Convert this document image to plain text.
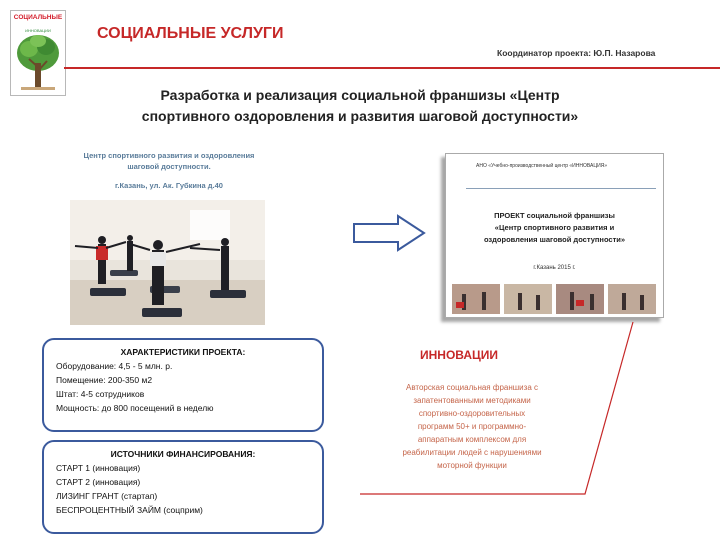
СОЦИАЛЬНЫЕ
ИННОВАЦИИ	СОЦИАЛЬНЫЕ УСЛУГИ
Координатор проекта: Ю.П. Назарова
Разработка и реализация социальной франшизы «Центр
спортивного оздоровления и развития шаговой доступности»
Центр спортивного развития и оздоровления
шаговой доступности.
г.Казань, ул. Ак. Губкина д.40
АНО «Учебно-производственный центр «ИННОВАЦИЯ»
ПРОЕКТ социальной франшизы
«Центр спортивного развития и
оздоровления шаговой доступности»
г.Казань 2015 г.
ХАРАКТЕРИСТИКИ ПРОЕКТА:
Оборудование: 4,5 - 5 млн. р.
Помещение: 200-350 м2
Штат: 4-5 сотрудников
Мощность: до 800 посещений в неделю
ИСТОЧНИКИ ФИНАНСИРОВАНИЯ:
СТАРТ 1 (инновация)
СТАРТ 2 (инновация)
ЛИЗИНГ ГРАНТ (стартап)
БЕСПРОЦЕНТНЫЙ ЗАЙМ (соцприм)
ИННОВАЦИИ
Авторская социальная франшиза с
запатентованными методиками
спортивно-оздоровительных
программ 50+ и программно-
аппаратным комплексом для
реабилитации людей с нарушениями
моторной функции
